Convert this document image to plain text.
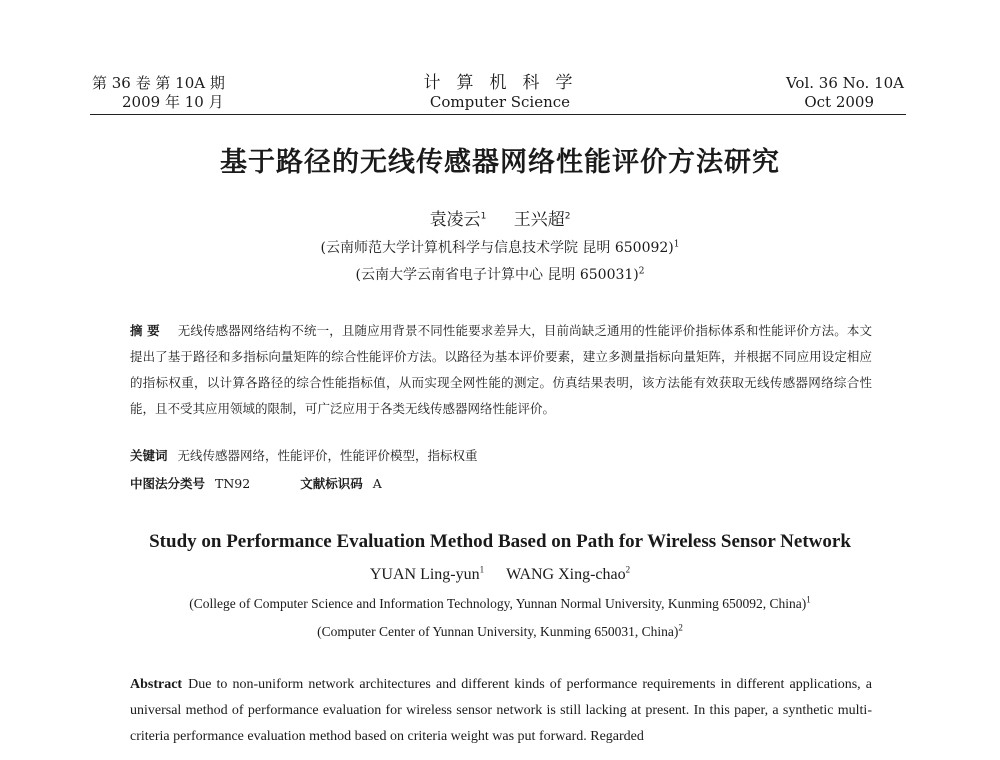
第 36 卷 第 10A 期
2009 年 10 月
计算机科学
Computer Science
Vol. 36 No. 10A
Oct 2009
基于路径的无线传感器网络性能评价方法研究
袁凌云$^1$ 王兴超$^2$
(云南师范大学计算机科学与信息技术学院 昆明 650092)$^1$
(云南大学云南省电子计算中心 昆明 650031)$^2$
摘 要 无线传感器网络结构不统一，且随应用背景不同性能要求差异大，目前尚缺乏通用的性能评价指标体系和性能评价方法。本文提出了基于路径和多指标向量矩阵的综合性能评价方法。以路径为基本评价要素，建立多测量指标向量矩阵，并根据不同应用设定相应的指标权重，以计算各路径的综合性能指标值，从而实现全网性能的测定。仿真结果表明，该方法能有效获取无线传感器网络综合性能，且不受其应用领域的限制，可广泛应用于各类无线传感器网络性能评价。
关键词 无线传感器网络，性能评价，性能评价模型，指标权重
中图法分类号 TN92	文献标识码 A
Study on Performance Evaluation Method Based on Path for Wireless Sensor Network
YUAN Ling-yun$^1$ WANG Xing-chao$^2$
(College of Computer Science and Information Technology, Yunnan Normal University, Kunming 650092, China)$^1$
(Computer Center of Yunnan University, Kunming 650031, China)$^2$
Abstract Due to non-uniform network architectures and different kinds of performance requirements in different applications, a universal method of performance evaluation for wireless sensor network is still lacking at present. In this paper, a synthetic multi-criteria performance evaluation method based on criteria weight was put forward. Regarded
